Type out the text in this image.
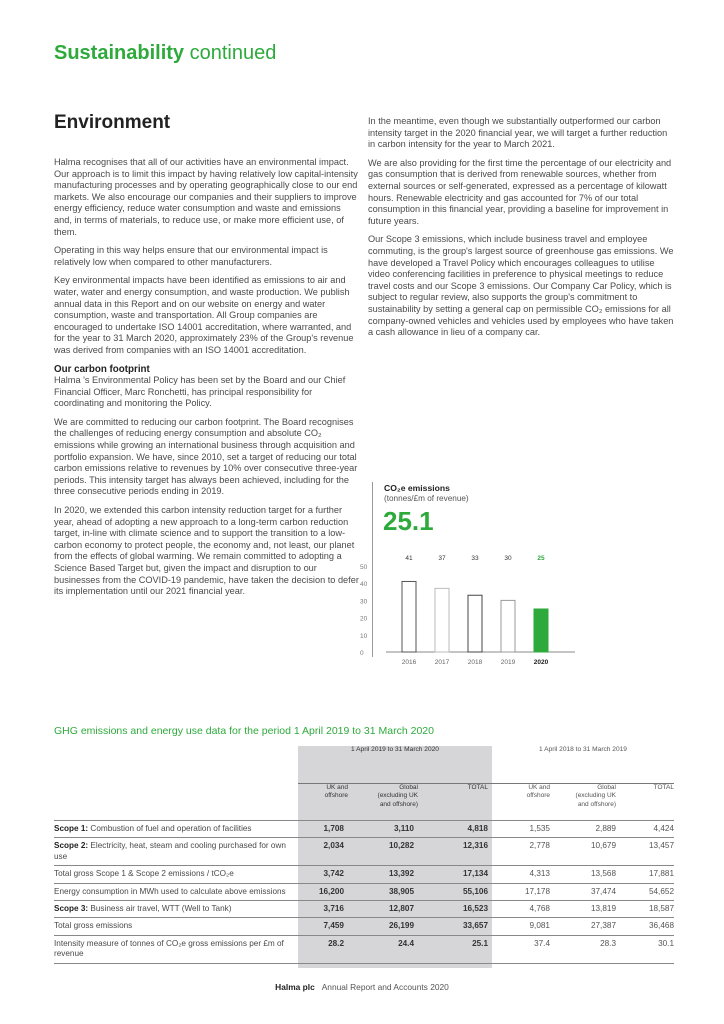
Sustainability continued
Environment

Halma recognises that all of our activities have an environmental impact. Our approach is to limit this impact by having relatively low capital-intensity manufacturing processes and by operating geographically close to our end markets. We also encourage our companies and their suppliers to improve energy efficiency, reduce water consumption and waste and emissions and, in terms of materials, to reduce use, or make more efficient use, of them.

Operating in this way helps ensure that our environmental impact is relatively low when compared to other manufacturers.

Key environmental impacts have been identified as emissions to air and water, water and energy consumption, and waste production. We publish annual data in this Report and on our website on energy and water consumption, waste and transportation. All Group companies are encouraged to undertake ISO 14001 accreditation, where warranted, and for the year to 31 March 2020, approximately 23% of the Group's revenue was derived from companies with an ISO 14001 accreditation.

Our carbon footprint

Halma 's Environmental Policy has been set by the Board and our Chief Financial Officer, Marc Ronchetti, has principal responsibility for coordinating and monitoring the Policy.

We are committed to reducing our carbon footprint. The Board recognises the challenges of reducing energy consumption and absolute CO₂ emissions while growing an international business through acquisition and portfolio expansion. We have, since 2010, set a target of reducing our total carbon emissions relative to revenues by 10% over consecutive three-year periods. This intensity target has always been achieved, including for the three consecutive periods ending in 2019.

In 2020, we extended this carbon intensity reduction target for a further year, ahead of adopting a new approach to a long-term carbon reduction target, in-line with climate science and to support the transition to a low-carbon economy to protect people, the economy and, not least, our planet from the effects of global warming. We remain committed to adopting a Science Based Target but, given the impact and disruption to our businesses from the COVID-19 pandemic, have taken the decision to defer its implementation until our 2021 financial year.

In the meantime, even though we substantially outperformed our carbon intensity target in the 2020 financial year, we will target a further reduction in carbon intensity for the year to March 2021.

We are also providing for the first time the percentage of our electricity and gas consumption that is derived from renewable sources, whether from external sources or self-generated, expressed as a percentage of kilowatt hours. Renewable electricity and gas accounted for 7% of our total consumption in this financial year, providing a baseline for improvement in future years.

Our Scope 3 emissions, which include business travel and employee commuting, is the group's largest source of greenhouse gas emissions. We have developed a Travel Policy which encourages colleagues to utilise video conferencing facilities in preference to physical meetings to reduce travel costs and our Scope 3 emissions. Our Company Car Policy, which is subject to regular review, also supports the group's commitment to sustainability by setting a general cap on permissible CO₂ emissions for all company-owned vehicles and vehicles used by employees who have taken a cash allowance in lieu of a company car.

CO₂e emissions
(tonnes/£m of revenue)
25.1
0
10
20
30
40
50
41
2016
37
2017
33
2018
30
2019
25
2020
GHG emissions and energy use data for the period 1 April 2019 to 31 March 2020
	1 April 2019 to 31 March 2020			1 April 2018 to 31 March 2019		
	UK and
offshore	Global
(excluding UK
and offshore)	TOTAL	UK and
offshore	Global
(excluding UK
and offshore)	TOTAL
Scope 1: Combustion of fuel and operation of facilities	1,708	3,110	4,818	1,535	2,889	4,424
Scope 2: Electricity, heat, steam and cooling purchased for own use	2,034	10,282	12,316	2,778	10,679	13,457
Total gross Scope 1 & Scope 2 emissions / tCO₂e	3,742	13,392	17,134	4,313	13,568	17,881
Energy consumption in MWh used to calculate above emissions	16,200	38,905	55,106	17,178	37,474	54,652
Scope 3: Business air travel, WTT (Well to Tank)	3,716	12,807	16,523	4,768	13,819	18,587
Total gross emissions	7,459	26,199	33,657	9,081	27,387	36,468
Intensity measure of tonnes of CO₂e gross emissions per £m of revenue	28.2	24.4	25.1	37.4	28.3	30.1
Halma plc Annual Report and Accounts 2020
